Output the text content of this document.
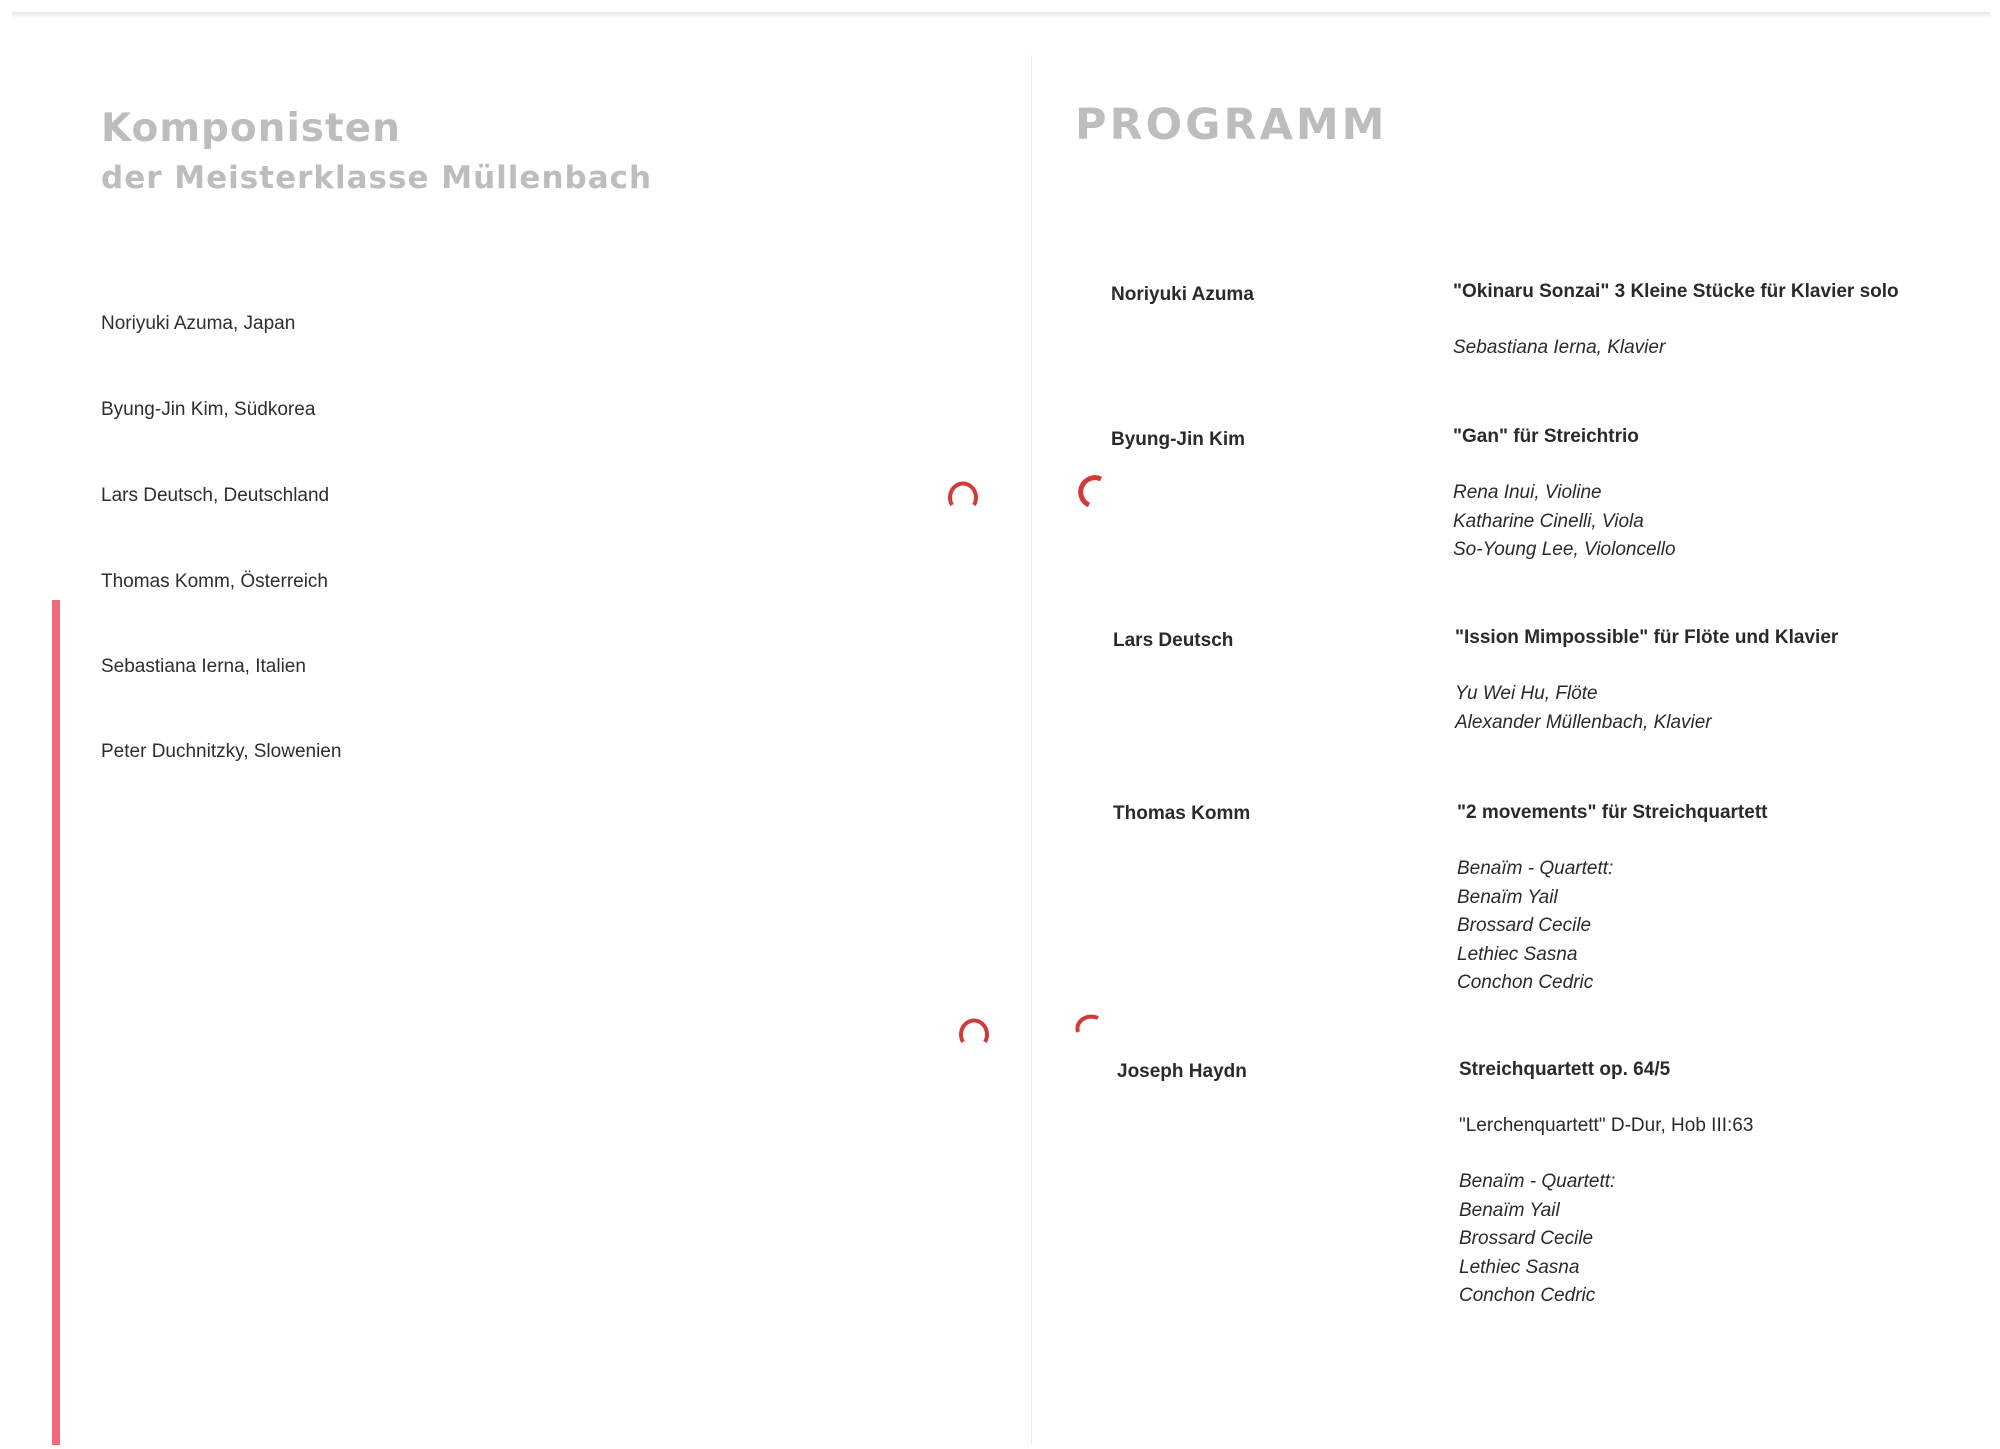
Komponisten
der Meisterklasse Müllenbach
Noriyuki Azuma, Japan
Byung-Jin Kim, Südkorea
Lars Deutsch, Deutschland
Thomas Komm, Österreich
Sebastiana Ierna, Italien
Peter Duchnitzky, Slowenien
PROGRAMM
Noriyuki Azuma	"Okinaru Sonzai" 3 Kleine Stücke für Klavier solo
Sebastiana Ierna, Klavier
Byung-Jin Kim	"Gan" für Streichtrio
Rena Inui, Violine
Katharine Cinelli, Viola
So-Young Lee, Violoncello
Lars Deutsch	"Ission Mimpossible" für Flöte und Klavier
Yu Wei Hu, Flöte
Alexander Müllenbach, Klavier
Thomas Komm	"2 movements" für Streichquartett
Benaïm - Quartett:
Benaïm Yail
Brossard Cecile
Lethiec Sasna
Conchon Cedric
Joseph Haydn	Streichquartett op. 64/5
"Lerchenquartett" D-Dur, Hob III:63
Benaïm - Quartett:
Benaïm Yail
Brossard Cecile
Lethiec Sasna
Conchon Cedric
